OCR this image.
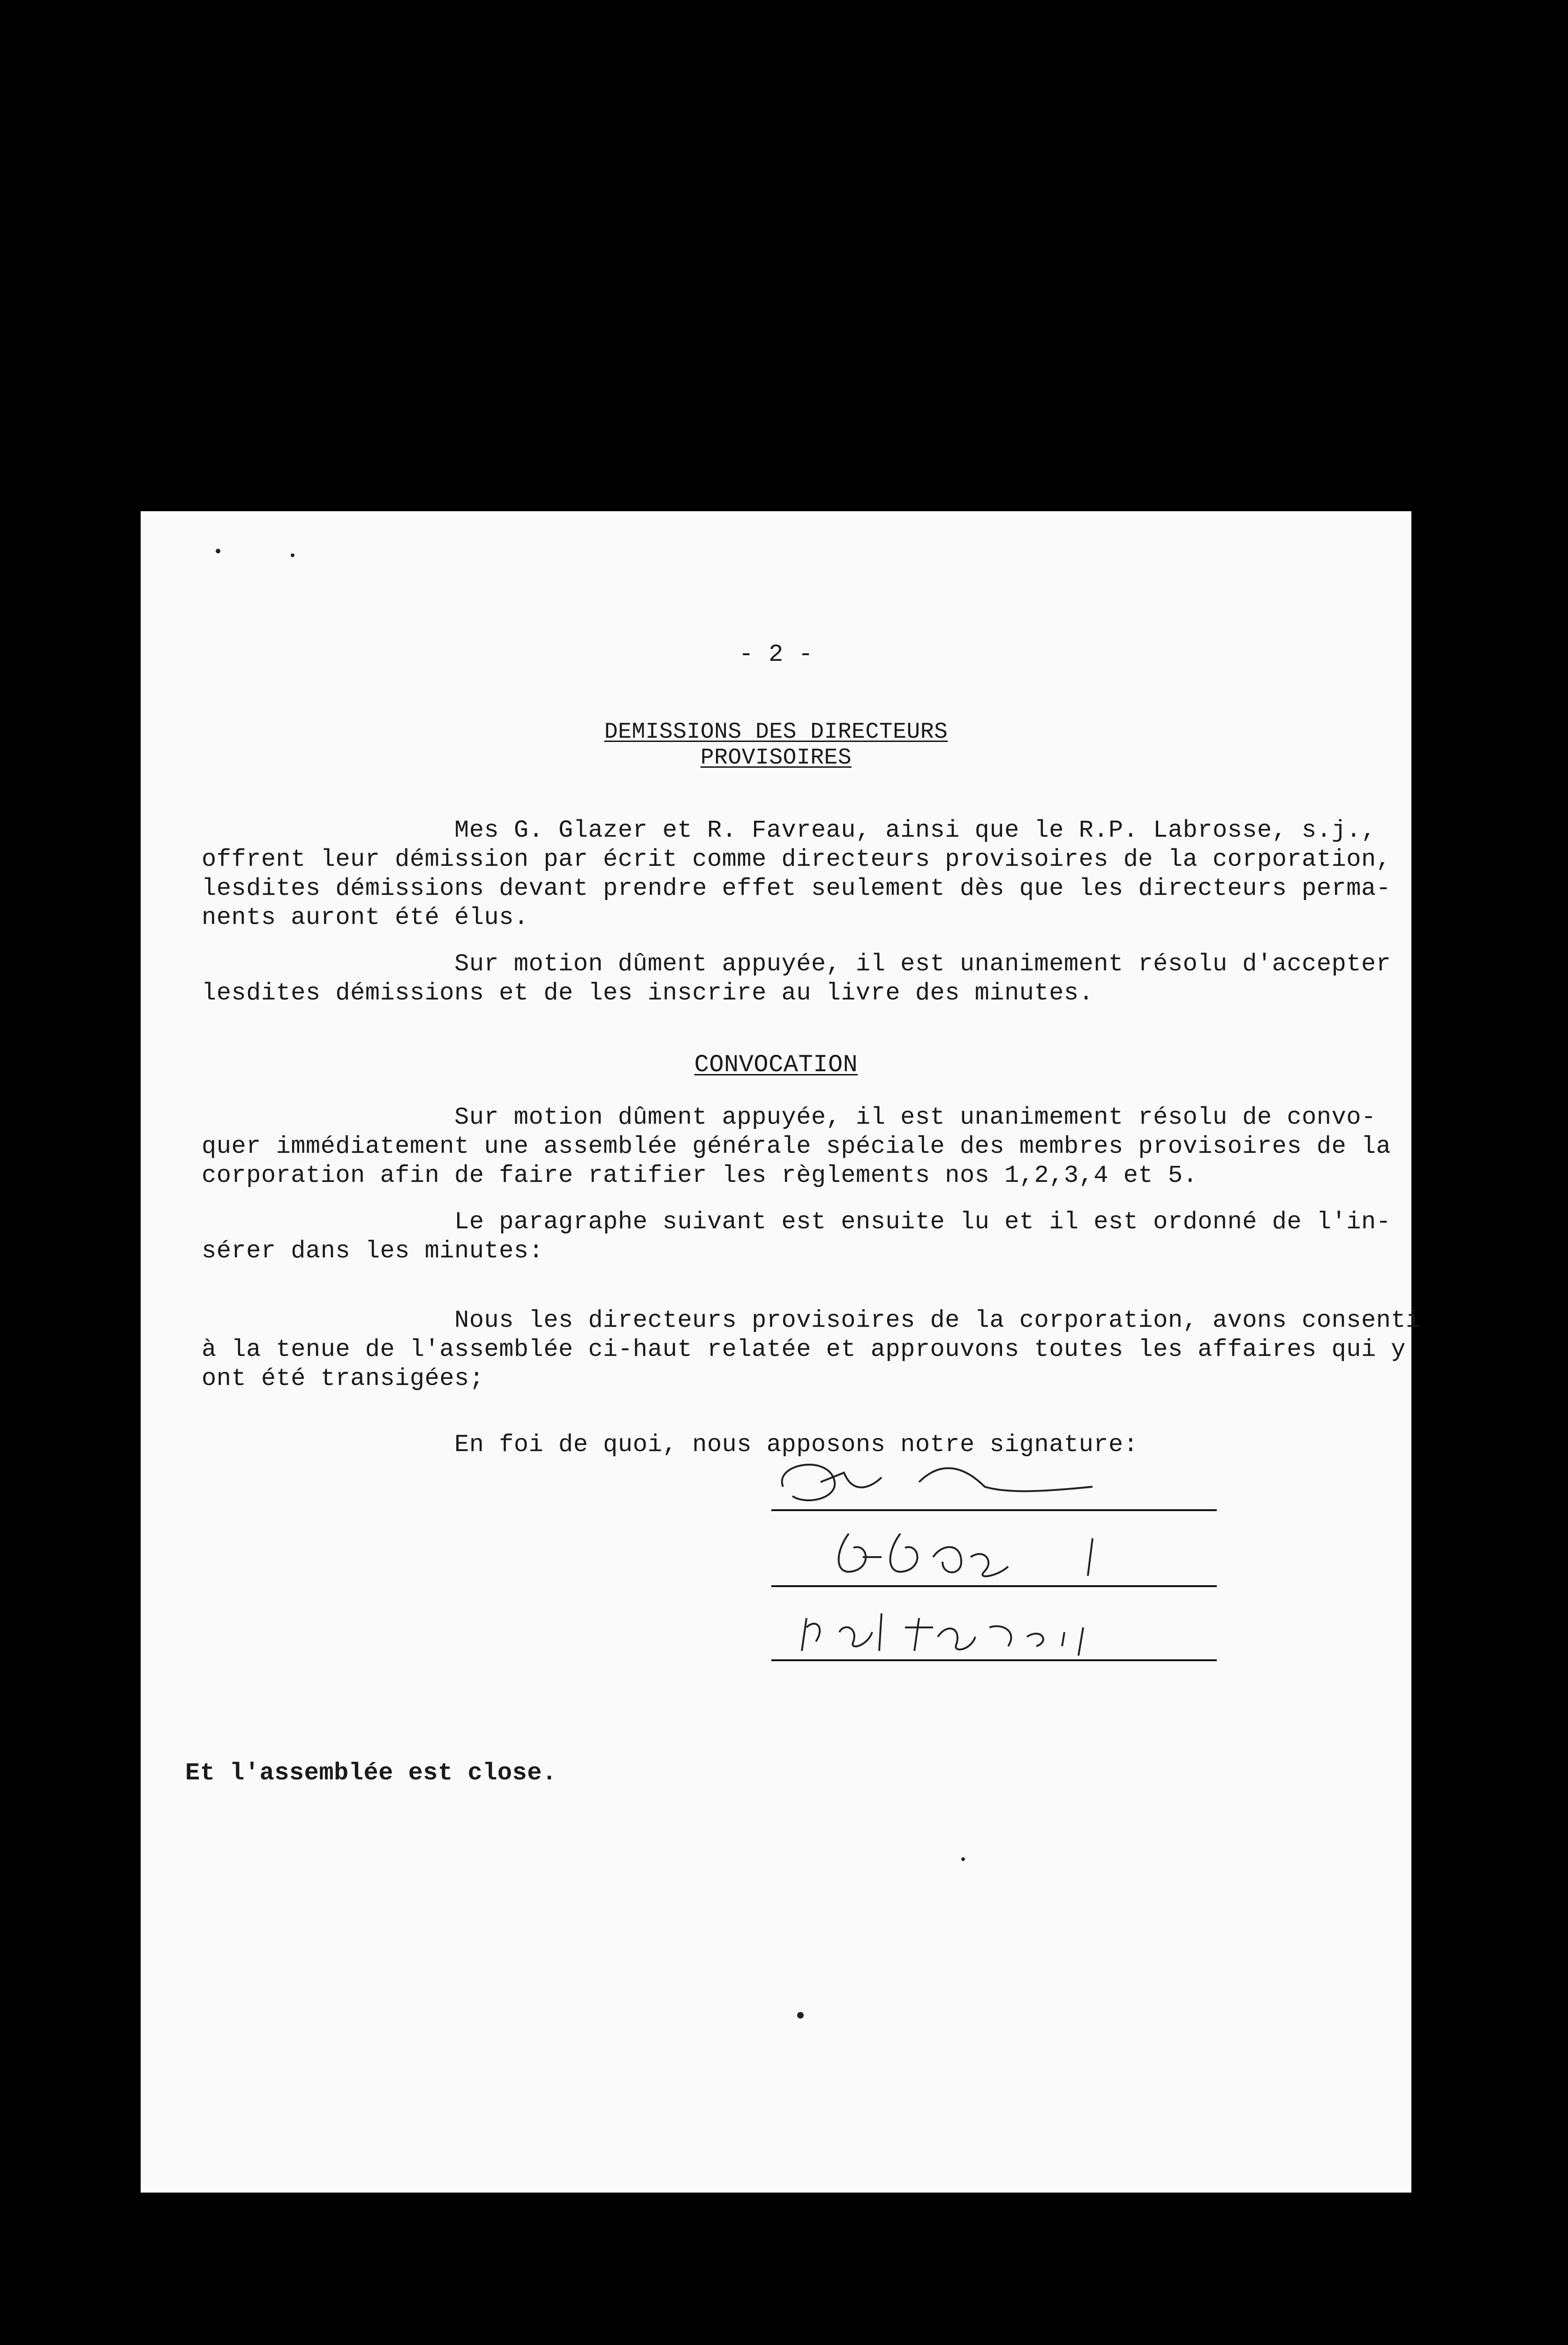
- 2 -
DEMISSIONS DES DIRECTEURS
PROVISOIRES
Mes G. Glazer et R. Favreau, ainsi que le R.P. Labrosse, s.j.,
offrent leur démission par écrit comme directeurs provisoires de la corporation,
lesdites démissions devant prendre effet seulement dès que les directeurs perma-
nents auront été élus.
Sur motion dûment appuyée, il est unanimement résolu d'accepter
lesdites démissions et de les inscrire au livre des minutes.
CONVOCATION
Sur motion dûment appuyée, il est unanimement résolu de convo-
quer immédiatement une assemblée générale spéciale des membres provisoires de la
corporation afin de faire ratifier les règlements nos 1,2,3,4 et 5.
Le paragraphe suivant est ensuite lu et il est ordonné de l'in-
sérer dans les minutes:
Nous les directeurs provisoires de la corporation, avons consenti
à la tenue de l'assemblée ci-haut relatée et approuvons toutes les affaires qui y
ont été transigées;
En foi de quoi, nous apposons notre signature:
Et l'assemblée est close.
